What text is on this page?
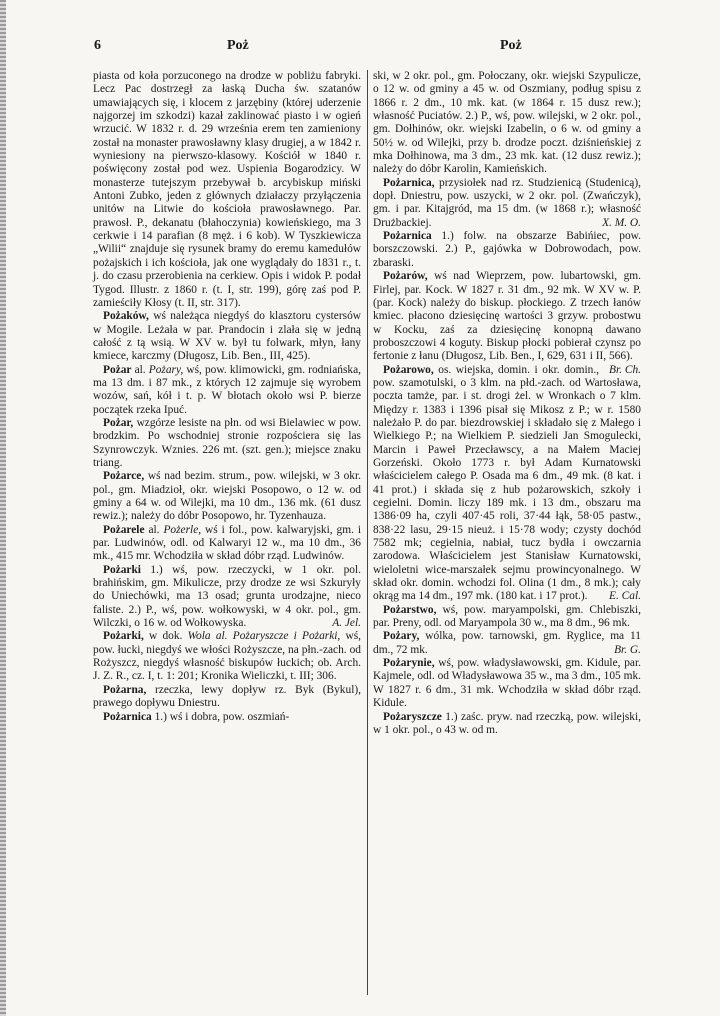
6	Poż	Poż

piasta od koła porzuconego na drodze w pobliżu fabryki. Lecz Pac dostrzegł za łaską Ducha św. szatanów umawiających się, i klocem z jarzębiny (której uderzenie najgorzej im szkodzi) kazał zaklinować piasto i w ogień wrzucić. W 1832 r. d. 29 września erem ten zamieniony został na monaster prawosławny klasy drugiej, a w 1842 r. wyniesiony na pierwszo-klasowy. Kościół w 1840 r. poświęcony został pod wez. Uspienia Bogarodzicy. W monasterze tutejszym przebywał b. arcybiskup miński Antoni Zubko, jeden z głównych działaczy przyłączenia unitów na Litwie do kościoła prawosławnego. Par. prawosł. P., dekanatu (błahoczynia) kowieńskiego, ma 3 cerkwie i 14 parafian (8 męż. i 6 kob). W Tyszkiewicza „Wilii“ znajduje się rysunek bramy do eremu kamedułów pożajskich i ich kościoła, jak one wyglądały do 1831 r., t. j. do czasu przerobienia na cerkiew. Opis i widok P. podał Tygod. Illustr. z 1860 r. (t. I, str. 199), górę zaś pod P. zamieściły Kłosy (t. II, str. 317).

Pożaków, wś należąca niegdyś do klasztoru cystersów w Mogile. Leżała w par. Prandocin i zlała się w jedną całość z tą wsią. W XV w. był tu folwark, młyn, łany kmiece, karczmy (Długosz, Lib. Ben., III, 425).

Pożar al. Pożary, wś, pow. klimowicki, gm. rodniańska, ma 13 dm. i 87 mk., z których 12 zajmuje się wyrobem wozów, sań, kół i t. p. W błotach około wsi P. bierze początek rzeka Ipuć.

Pożar, wzgórze lesiste na płn. od wsi Bielawiec w pow. brodzkim. Po wschodniej stronie rozpościera się las Szynrowczyk. Wznies. 226 mt. (szt. gen.); miejsce znaku triang.

Pożarce, wś nad bezim. strum., pow. wilejski, w 3 okr. pol., gm. Miadzioł, okr. wiejski Posopowo, o 12 w. od gminy a 64 w. od Wilejki, ma 10 dm., 136 mk. (61 dusz rewiz.); należy do dóbr Posopowo, hr. Tyzenhauza.

Pożarele al. Pożerle, wś i fol., pow. kalwaryjski, gm. i par. Ludwinów, odl. od Kalwaryi 12 w., ma 10 dm., 36 mk., 415 mr. Wchodziła w skład dóbr rząd. Ludwinów.

Pożarki 1.) wś, pow. rzeczycki, w 1 okr. pol. brahińskim, gm. Mikulicze, przy drodze ze wsi Szkuryły do Uniechówki, ma 13 osad; grunta urodzajne, nieco faliste. 2.) P., wś, pow. wołkowyski, w 4 okr. pol., gm. Wilczki, o 16 w. od Wołkowyska.	A. Jel.

Pożarki, w dok. Wola al. Pożaryszcze i Pożarki, wś, pow. łucki, niegdyś we włości Rożyszcze, na płn.-zach. od Rożyszcz, niegdyś własność biskupów łuckich; ob. Arch. J. Z. R., cz. I, t. 1: 201; Kronika Wieliczki, t. III; 306.

Pożarna, rzeczka, lewy dopływ rz. Byk (Bykul), prawego dopływu Dniestru.

Pożarnica 1.) wś i dobra, pow. oszmiań-

ski, w 2 okr. pol., gm. Połoczany, okr. wiejski Szypulicze, o 12 w. od gminy a 45 w. od Oszmiany, podług spisu z 1866 r. 2 dm., 10 mk. kat. (w 1864 r. 15 dusz rew.); własność Puciatów. 2.) P., wś, pow. wilejski, w 2 okr. pol., gm. Dołhinów, okr. wiejski Izabelin, o 6 w. od gminy a 50½ w. od Wilejki, przy b. drodze poczt. dziśnieńskiej z mka Dołhinowa, ma 3 dm., 23 mk. kat. (12 dusz rewiz.); należy do dóbr Karolin, Kamieńskich.

Pożarnica, przysiołek nad rz. Studzienicą (Studenicą), dopł. Dniestru, pow. uszycki, w 2 okr. pol. (Zwańczyk), gm. i par. Kitajgród, ma 15 dm. (w 1868 r.); własność Drużbackiej.	X. M. O.

Pożarnica 1.) folw. na obszarze Babińiec, pow. borszczowski. 2.) P., gajówka w Dobrowodach, pow. zbaraski.

Pożarów, wś nad Wieprzem, pow. lubartowski, gm. Firlej, par. Kock. W 1827 r. 31 dm., 92 mk. W XV w. P. (par. Kock) należy do biskup. płockiego. Z trzech łanów kmiec. płacono dziesięcinę wartości 3 grzyw. probostwu w Kocku, zaś za dziesięcinę konopną dawano proboszczowi 4 koguty. Biskup płocki pobierał czynsz po fertonie z łanu (Długosz, Lib. Ben., I, 629, 631 i II, 566).
Br. Ch.

Pożarowo, os. wiejska, domin. i okr. domin., pow. szamotulski, o 3 klm. na płd.-zach. od Wartosława, poczta tamże, par. i st. drogi żel. w Wronkach o 7 klm. Między r. 1383 i 1396 pisał się Mikosz z P.; w r. 1580 należało P. do par. biezdrowskiej i składało się z Małego i Wielkiego P.; na Wielkiem P. siedzieli Jan Smogulecki, Marcin i Paweł Przecławscy, a na Małem Maciej Gorzeński. Około 1773 r. był Adam Kurnatowski właścicielem całego P. Osada ma 6 dm., 49 mk. (8 kat. i 41 prot.) i składa się z hub pożarowskich, szkoły i cegielni. Domin. liczy 189 mk. i 13 dm., obszaru ma 1386·09 ha, czyli 407·45 roli, 37·44 łąk, 58·05 pastw., 838·22 lasu, 29·15 nieuż. i 15·78 wody; czysty dochód 7582 mk; cegielnia, nabiał, tucz bydła i owczarnia zarodowa. Właścicielem jest Stanisław Kurnatowski, wieloletni wice-marszałek sejmu prowincyonalnego. W skład okr. domin. wchodzi fol. Olina (1 dm., 8 mk.); cały okrąg ma 14 dm., 197 mk. (180 kat. i 17 prot.).	E. Cal.

Pożarstwo, wś, pow. maryampolski, gm. Chlebiszki, par. Preny, odl. od Maryampola 30 w., ma 8 dm., 96 mk.

Pożary, wólka, pow. tarnowski, gm. Ryglice, ma 11 dm., 72 mk.	Br. G.

Pożarynie, wś, pow. władysławowski, gm. Kidule, par. Kajmele, odl. od Władysławowa 35 w., ma 3 dm., 105 mk. W 1827 r. 6 dm., 31 mk. Wchodziła w skład dóbr rząd. Kidule.

Pożaryszcze 1.) zaśc. pryw. nad rzeczką, pow. wilejski, w 1 okr. pol., o 43 w. od m.
